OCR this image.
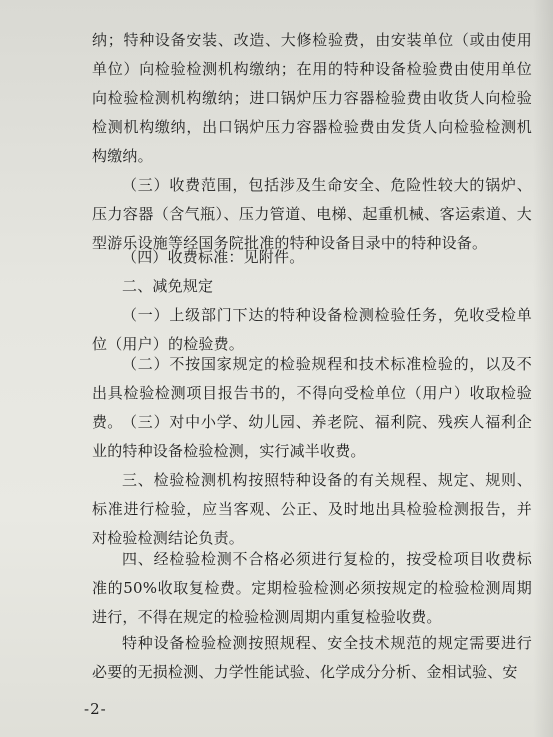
纳；特种设备安装、改造、大修检验费，由安装单位（或由使用单位）向检验检测机构缴纳；在用的特种设备检验费由使用单位向检验检测机构缴纳；进口锅炉压力容器检验费由收货人向检验检测机构缴纳，出口锅炉压力容器检验费由发货人向检验检测机构缴纳。

（三）收费范围，包括涉及生命安全、危险性较大的锅炉、压力容器（含气瓶）、压力管道、电梯、起重机械、客运索道、大型游乐设施等经国务院批准的特种设备目录中的特种设备。

（四）收费标准：见附件。

二、减免规定

（一）上级部门下达的特种设备检测检验任务，免收受检单位（用户）的检验费。

（二）不按国家规定的检验规程和技术标准检验的，以及不出具检验检测项目报告书的，不得向受检单位（用户）收取检验费。 （三）对中小学、幼儿园、养老院、福利院、残疾人福利企业的特种设备检验检测，实行减半收费。

三、检验检测机构按照特种设备的有关规程、规定、规则、标准进行检验，应当客观、公正、及时地出具检验检测报告，并对检验检测结论负责。

四、经检验检测不合格必须进行复检的，按受检项目收费标准的50%收取复检费。定期检验检测必须按规定的检验检测周期进行，不得在规定的检验检测周期内重复检验收费。

特种设备检验检测按照规程、安全技术规范的规定需要进行必要的无损检测、力学性能试验、化学成分分析、金相试验、安

-2-
